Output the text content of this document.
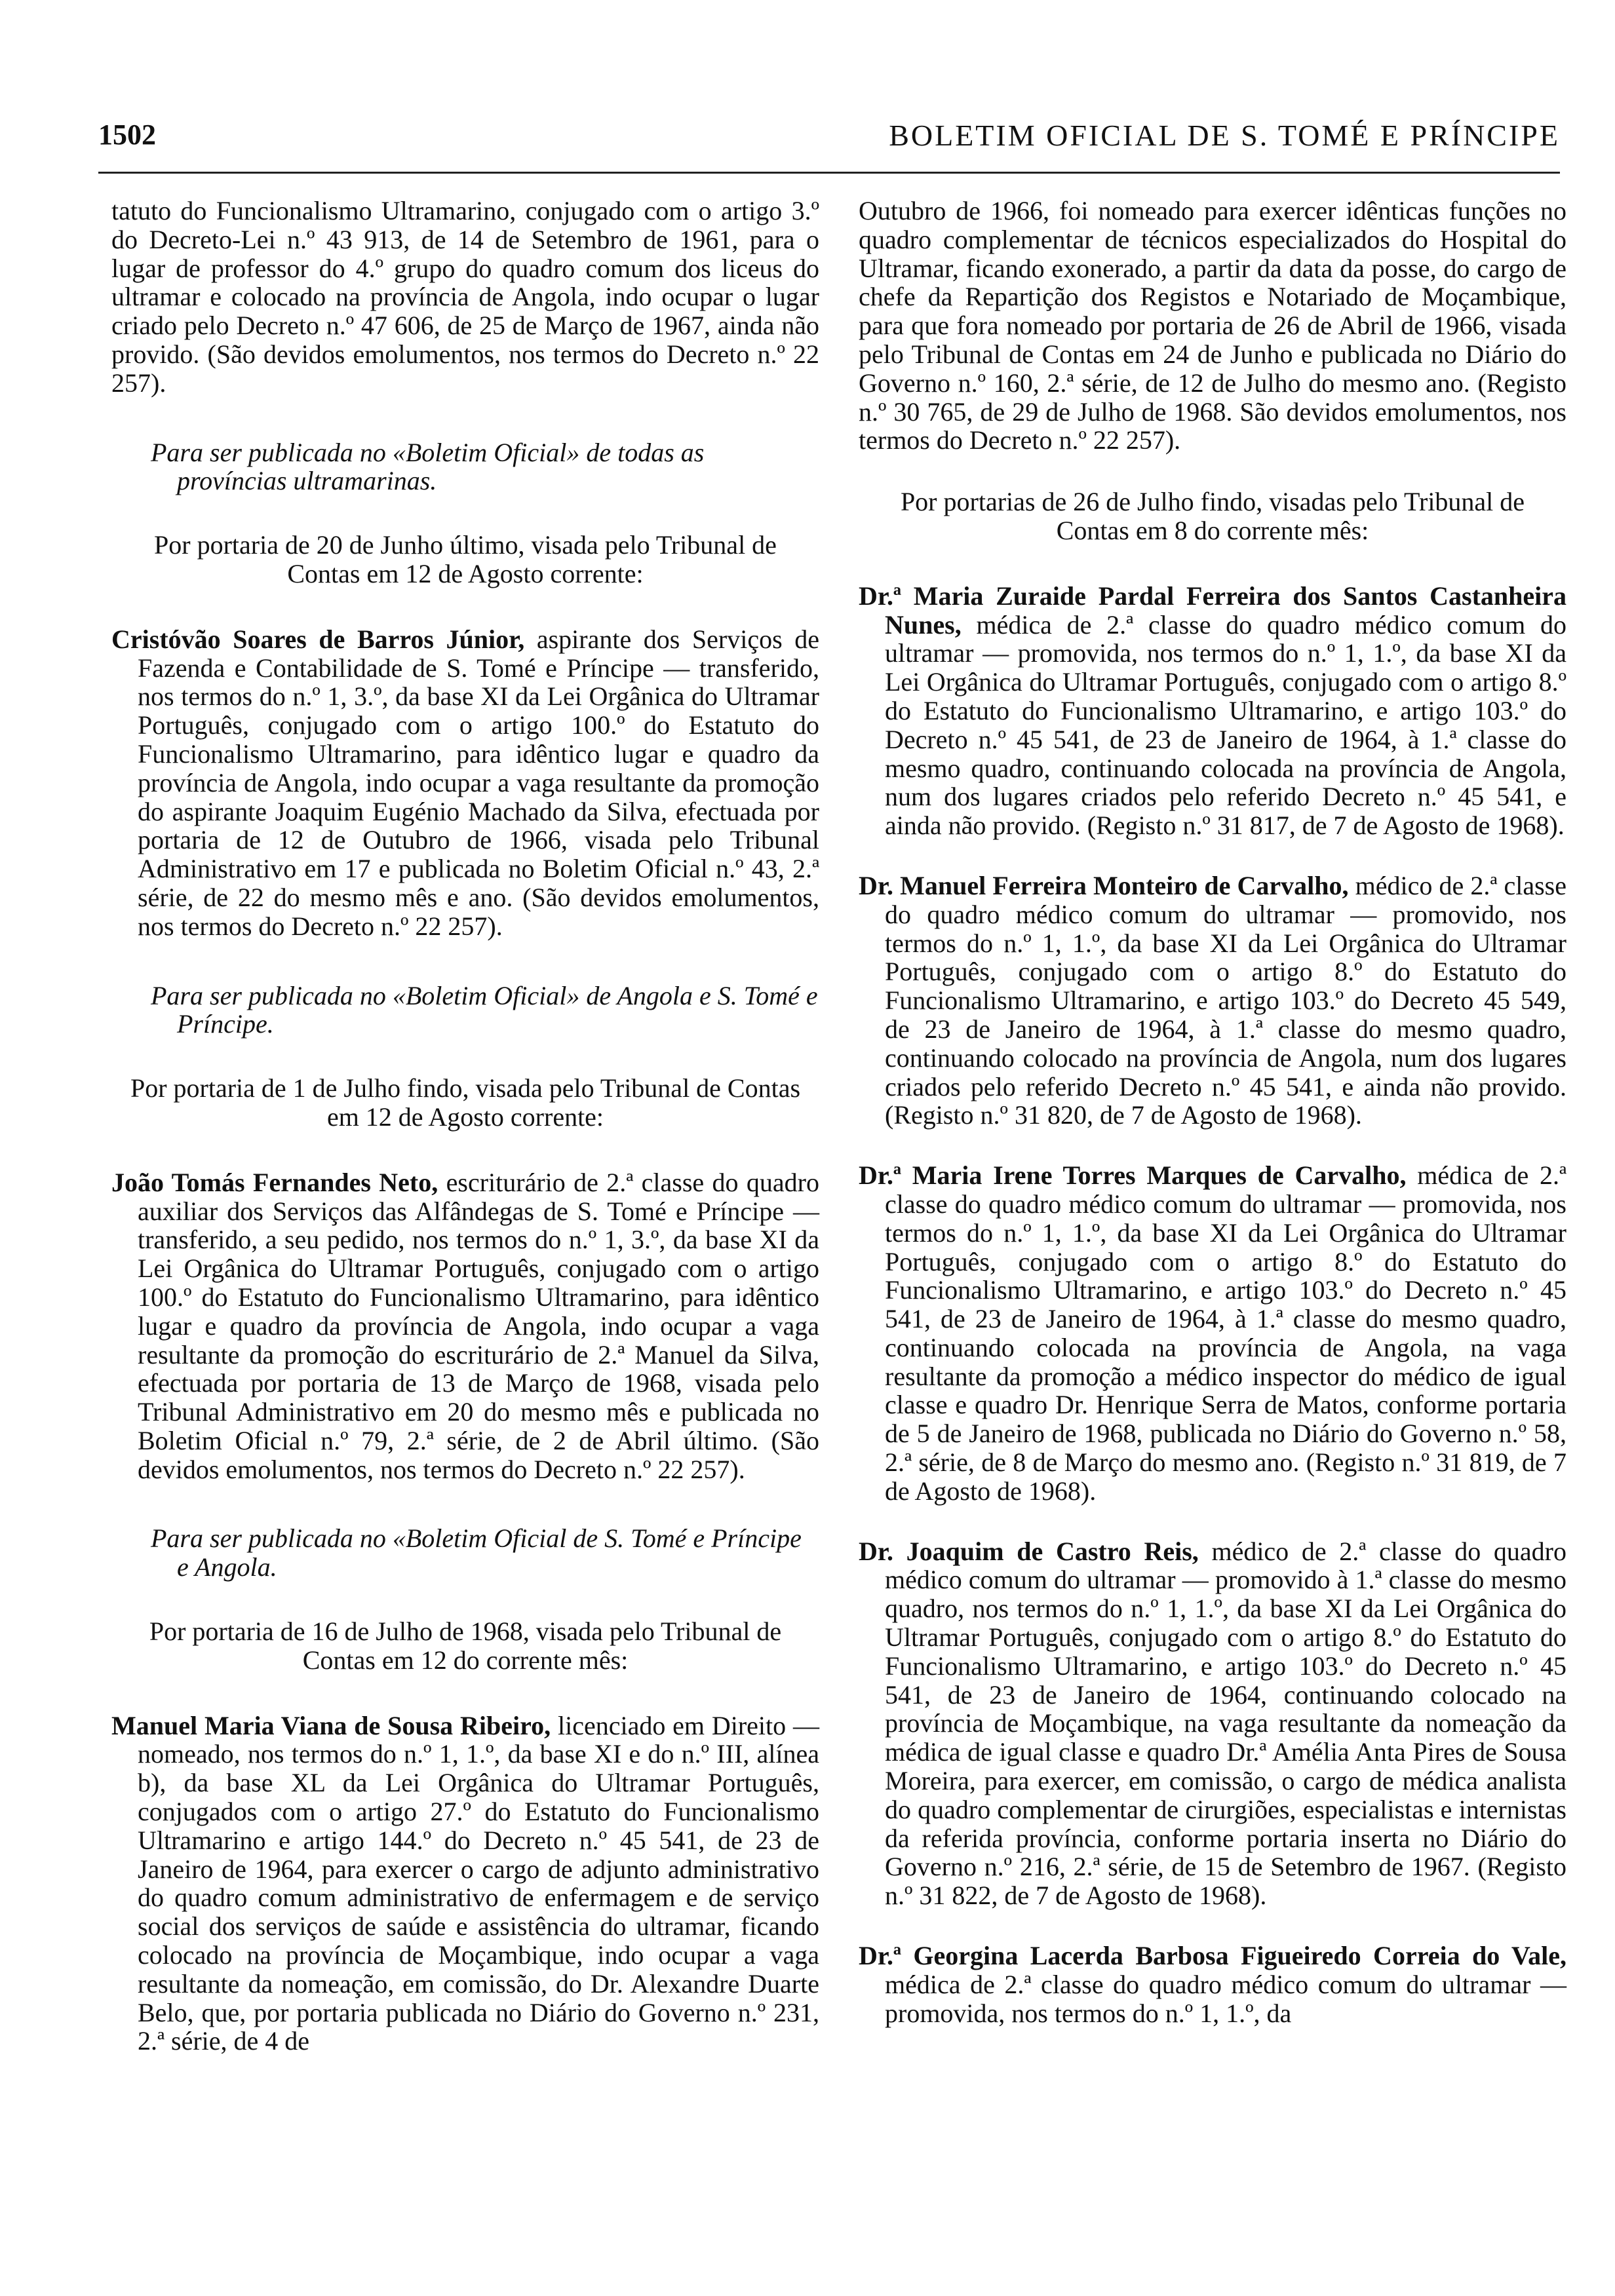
1502	BOLETIM OFICIAL DE S. TOMÉ E PRÍNCIPE

tatuto do Funcionalismo Ultramarino, conjugado com o artigo 3.º do Decreto-Lei n.º 43 913, de 14 de Setembro de 1961, para o lugar de professor do 4.º grupo do quadro comum dos liceus do ultramar e colocado na província de Angola, indo ocupar o lugar criado pelo Decreto n.º 47 606, de 25 de Março de 1967, ainda não provido. (São devidos emolumentos, nos termos do Decreto n.º 22 257).

Para ser publicada no «Boletim Oficial» de todas as províncias ultramarinas.

Por portaria de 20 de Junho último, visada pelo Tribunal de Contas em 12 de Agosto corrente:

Cristóvão Soares de Barros Júnior, aspirante dos Serviços de Fazenda e Contabilidade de S. Tomé e Príncipe — transferido, nos termos do n.º 1, 3.º, da base XI da Lei Orgânica do Ultramar Português, conjugado com o artigo 100.º do Estatuto do Funcionalismo Ultramarino, para idêntico lugar e quadro da província de Angola, indo ocupar a vaga resultante da promoção do aspirante Joaquim Eugénio Machado da Silva, efectuada por portaria de 12 de Outubro de 1966, visada pelo Tribunal Administrativo em 17 e publicada no Boletim Oficial n.º 43, 2.ª série, de 22 do mesmo mês e ano. (São devidos emolumentos, nos termos do Decreto n.º 22 257).

Para ser publicada no «Boletim Oficial» de Angola e S. Tomé e Príncipe.

Por portaria de 1 de Julho findo, visada pelo Tribunal de Contas em 12 de Agosto corrente:

João Tomás Fernandes Neto, escriturário de 2.ª classe do quadro auxiliar dos Serviços das Alfândegas de S. Tomé e Príncipe — transferido, a seu pedido, nos termos do n.º 1, 3.º, da base XI da Lei Orgânica do Ultramar Português, conjugado com o artigo 100.º do Estatuto do Funcionalismo Ultramarino, para idêntico lugar e quadro da província de Angola, indo ocupar a vaga resultante da promoção do escriturário de 2.ª Manuel da Silva, efectuada por portaria de 13 de Março de 1968, visada pelo Tribunal Administrativo em 20 do mesmo mês e publicada no Boletim Oficial n.º 79, 2.ª série, de 2 de Abril último. (São devidos emolumentos, nos termos do Decreto n.º 22 257).

Para ser publicada no «Boletim Oficial de S. Tomé e Príncipe e Angola.

Por portaria de 16 de Julho de 1968, visada pelo Tribunal de Contas em 12 do corrente mês:

Manuel Maria Viana de Sousa Ribeiro, licenciado em Direito — nomeado, nos termos do n.º 1, 1.º, da base XI e do n.º III, alínea b), da base XL da Lei Orgânica do Ultramar Português, conjugados com o artigo 27.º do Estatuto do Funcionalismo Ultramarino e artigo 144.º do Decreto n.º 45 541, de 23 de Janeiro de 1964, para exercer o cargo de adjunto administrativo do quadro comum administrativo de enfermagem e de serviço social dos serviços de saúde e assistência do ultramar, ficando colocado na província de Moçambique, indo ocupar a vaga resultante da nomeação, em comissão, do Dr. Alexandre Duarte Belo, que, por portaria publicada no Diário do Governo n.º 231, 2.ª série, de 4 de

Outubro de 1966, foi nomeado para exercer idênticas funções no quadro complementar de técnicos especializados do Hospital do Ultramar, ficando exonerado, a partir da data da posse, do cargo de chefe da Repartição dos Registos e Notariado de Moçambique, para que fora nomeado por portaria de 26 de Abril de 1966, visada pelo Tribunal de Contas em 24 de Junho e publicada no Diário do Governo n.º 160, 2.ª série, de 12 de Julho do mesmo ano. (Registo n.º 30 765, de 29 de Julho de 1968. São devidos emolumentos, nos termos do Decreto n.º 22 257).

Por portarias de 26 de Julho findo, visadas pelo Tribunal de Contas em 8 do corrente mês:

Dr.ª Maria Zuraide Pardal Ferreira dos Santos Castanheira Nunes, médica de 2.ª classe do quadro médico comum do ultramar — promovida, nos termos do n.º 1, 1.º, da base XI da Lei Orgânica do Ultramar Português, conjugado com o artigo 8.º do Estatuto do Funcionalismo Ultramarino, e artigo 103.º do Decreto n.º 45 541, de 23 de Janeiro de 1964, à 1.ª classe do mesmo quadro, continuando colocada na província de Angola, num dos lugares criados pelo referido Decreto n.º 45 541, e ainda não provido. (Registo n.º 31 817, de 7 de Agosto de 1968).

Dr. Manuel Ferreira Monteiro de Carvalho, médico de 2.ª classe do quadro médico comum do ultramar — promovido, nos termos do n.º 1, 1.º, da base XI da Lei Orgânica do Ultramar Português, conjugado com o artigo 8.º do Estatuto do Funcionalismo Ultramarino, e artigo 103.º do Decreto 45 549, de 23 de Janeiro de 1964, à 1.ª classe do mesmo quadro, continuando colocado na província de Angola, num dos lugares criados pelo referido Decreto n.º 45 541, e ainda não provido. (Registo n.º 31 820, de 7 de Agosto de 1968).

Dr.ª Maria Irene Torres Marques de Carvalho, médica de 2.ª classe do quadro médico comum do ultramar — promovida, nos termos do n.º 1, 1.º, da base XI da Lei Orgânica do Ultramar Português, conjugado com o artigo 8.º do Estatuto do Funcionalismo Ultramarino, e artigo 103.º do Decreto n.º 45 541, de 23 de Janeiro de 1964, à 1.ª classe do mesmo quadro, continuando colocada na província de Angola, na vaga resultante da promoção a médico inspector do médico de igual classe e quadro Dr. Henrique Serra de Matos, conforme portaria de 5 de Janeiro de 1968, publicada no Diário do Governo n.º 58, 2.ª série, de 8 de Março do mesmo ano. (Registo n.º 31 819, de 7 de Agosto de 1968).

Dr. Joaquim de Castro Reis, médico de 2.ª classe do quadro médico comum do ultramar — promovido à 1.ª classe do mesmo quadro, nos termos do n.º 1, 1.º, da base XI da Lei Orgânica do Ultramar Português, conjugado com o artigo 8.º do Estatuto do Funcionalismo Ultramarino, e artigo 103.º do Decreto n.º 45 541, de 23 de Janeiro de 1964, continuando colocado na província de Moçambique, na vaga resultante da nomeação da médica de igual classe e quadro Dr.ª Amélia Anta Pires de Sousa Moreira, para exercer, em comissão, o cargo de médica analista do quadro complementar de cirurgiões, especialistas e internistas da referida província, conforme portaria inserta no Diário do Governo n.º 216, 2.ª série, de 15 de Setembro de 1967. (Registo n.º 31 822, de 7 de Agosto de 1968).

Dr.ª Georgina Lacerda Barbosa Figueiredo Correia do Vale, médica de 2.ª classe do quadro médico comum do ultramar — promovida, nos termos do n.º 1, 1.º, da
